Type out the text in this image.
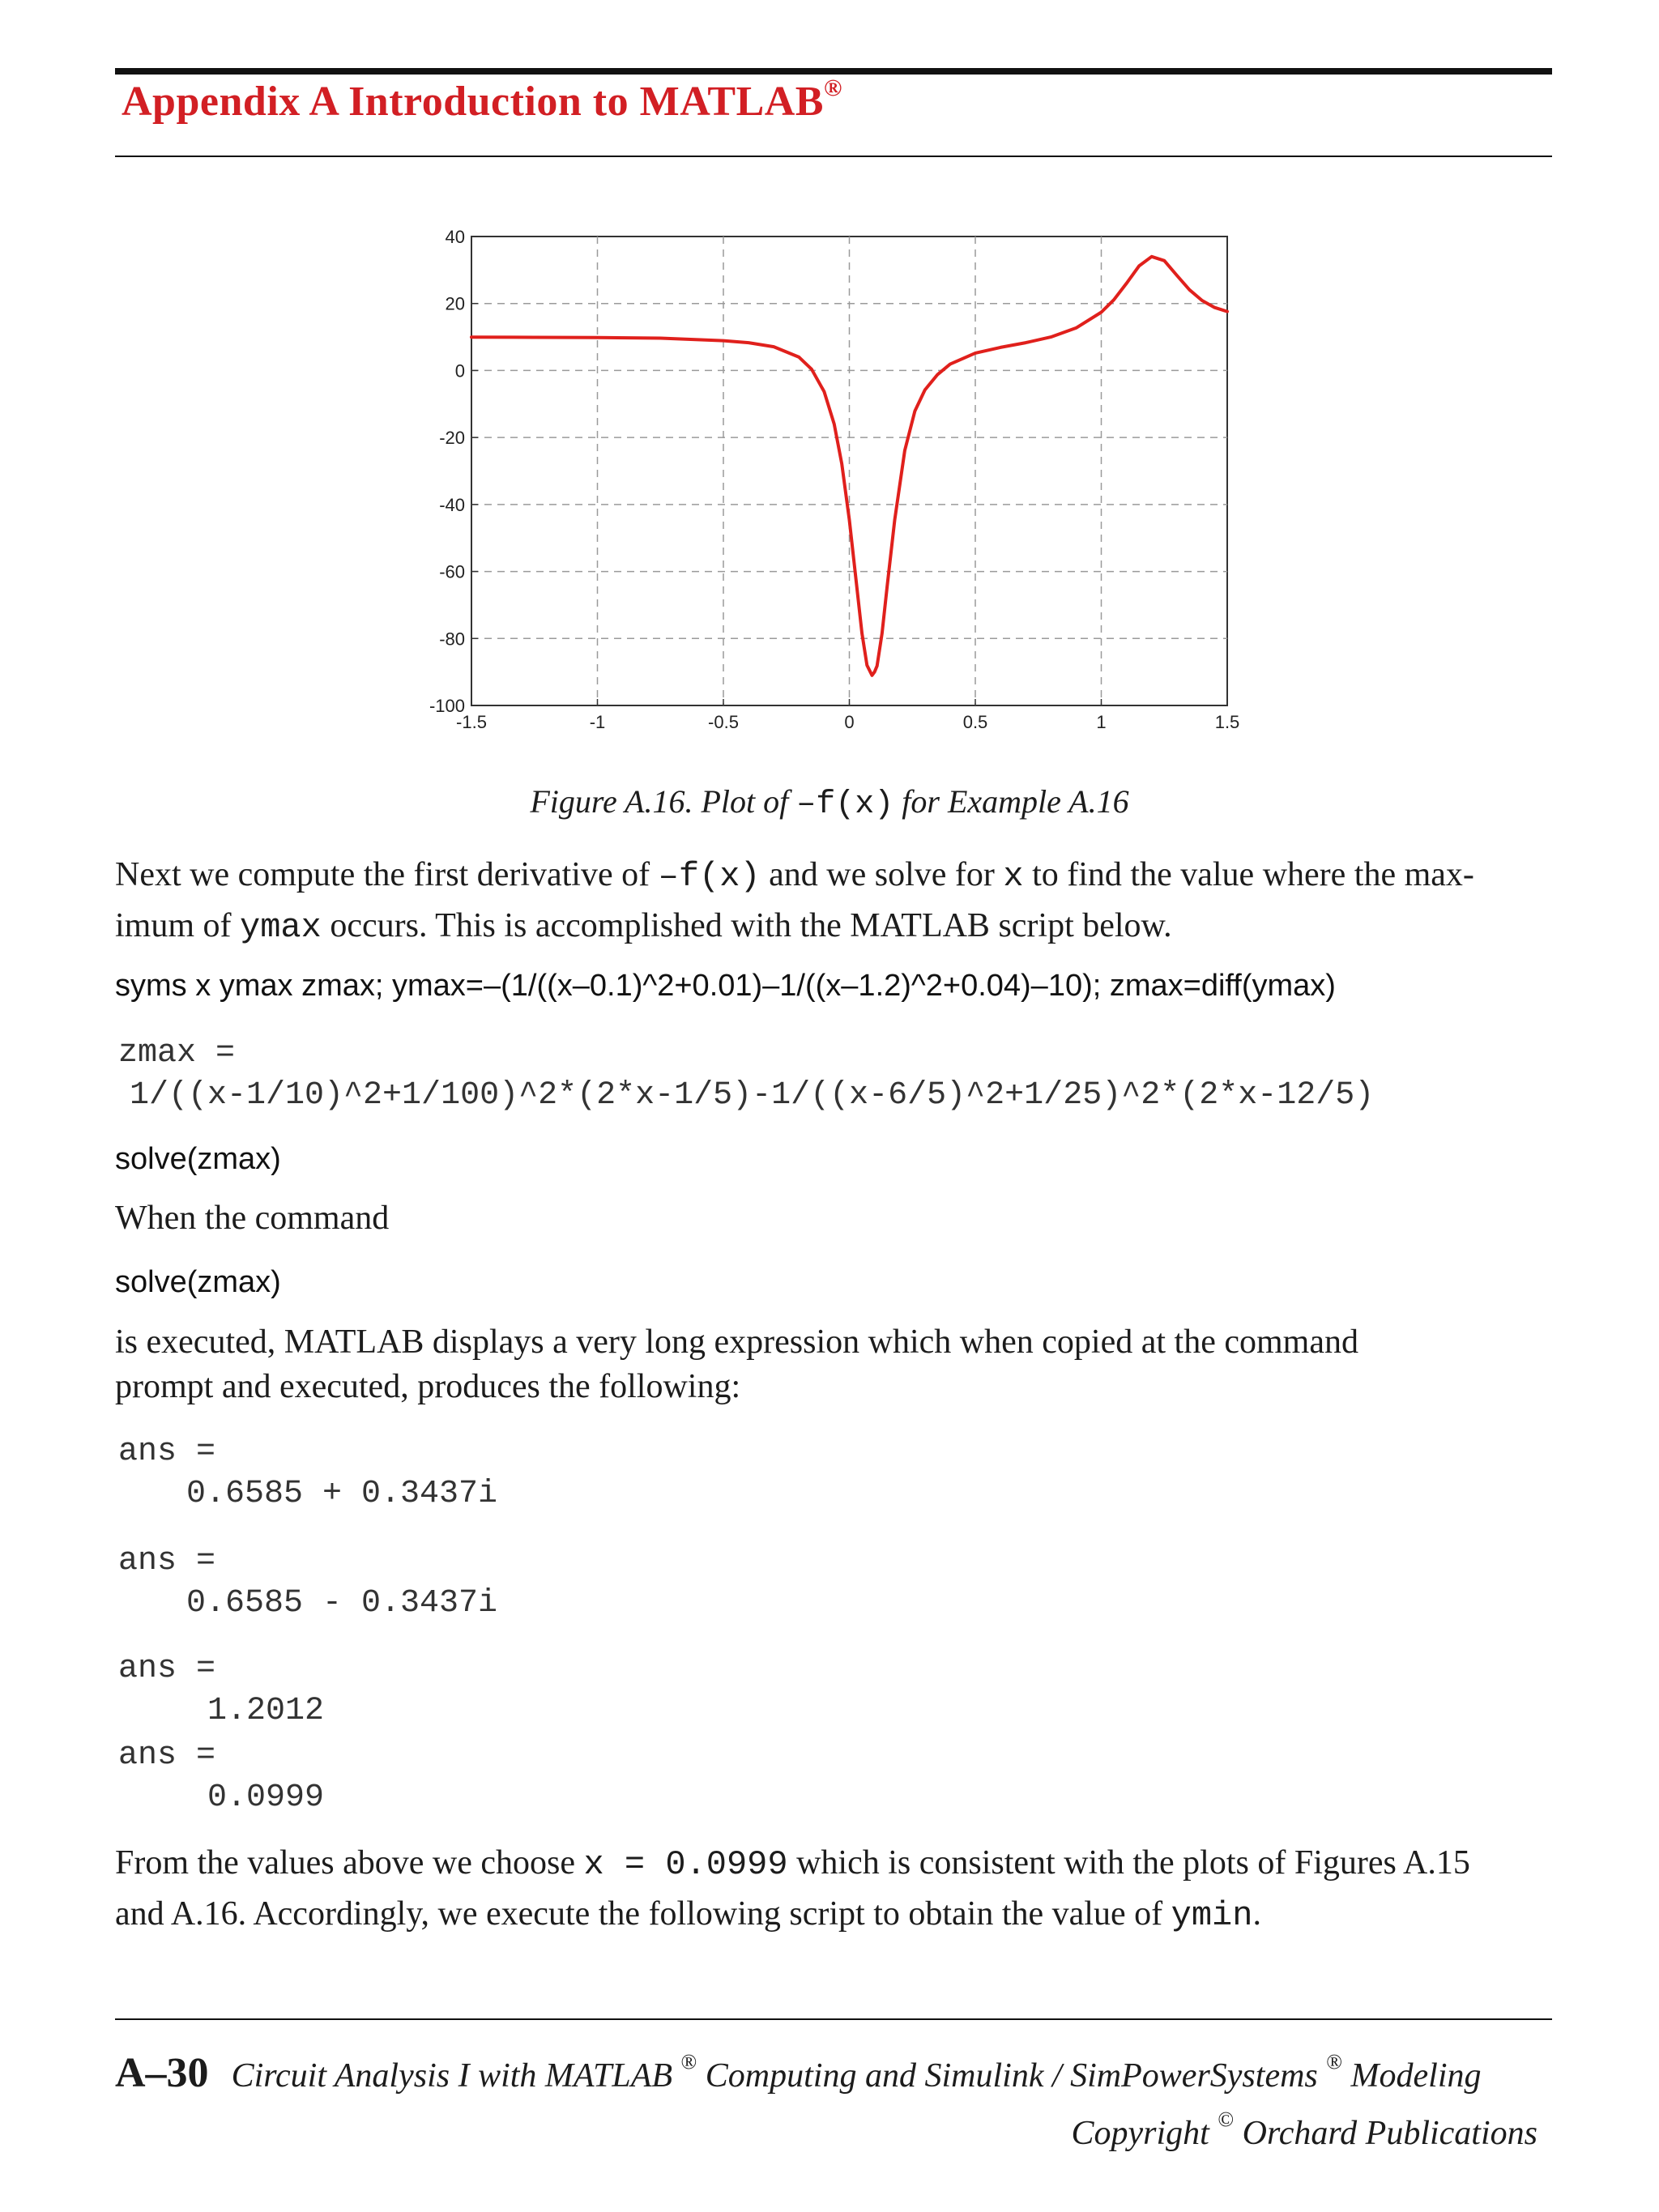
Appendix A Introduction to MATLAB®
-1.5	-1	-0.5	0	0.5	1	1.5
40
20
0
-20
-40
-60
-80
-100
Figure A.16. Plot of –f(x) for Example A.16
Next we compute the first derivative of –f(x) and we solve for x to find the value where the max-
imum of ymax occurs. This is accomplished with the MATLAB script below.
syms x ymax zmax; ymax=–(1/((x–0.1)^2+0.01)–1/((x–1.2)^2+0.04)–10); zmax=diff(ymax)
zmax =
1/((x-1/10)^2+1/100)^2*(2*x-1/5)-1/((x-6/5)^2+1/25)^2*(2*x-12/5)
solve(zmax)
When the command
solve(zmax)
is executed, MATLAB displays a very long expression which when copied at the command
prompt and executed, produces the following:
ans =
0.6585 + 0.3437i
ans =
0.6585 - 0.3437i
ans =
1.2012
ans =
0.0999
From the values above we choose x = 0.0999 which is consistent with the plots of Figures A.15
and A.16. Accordingly, we execute the following script to obtain the value of ymin.
A–30 Circuit Analysis I with MATLAB ® Computing and Simulink / SimPowerSystems ® Modeling
Copyright © Orchard Publications
